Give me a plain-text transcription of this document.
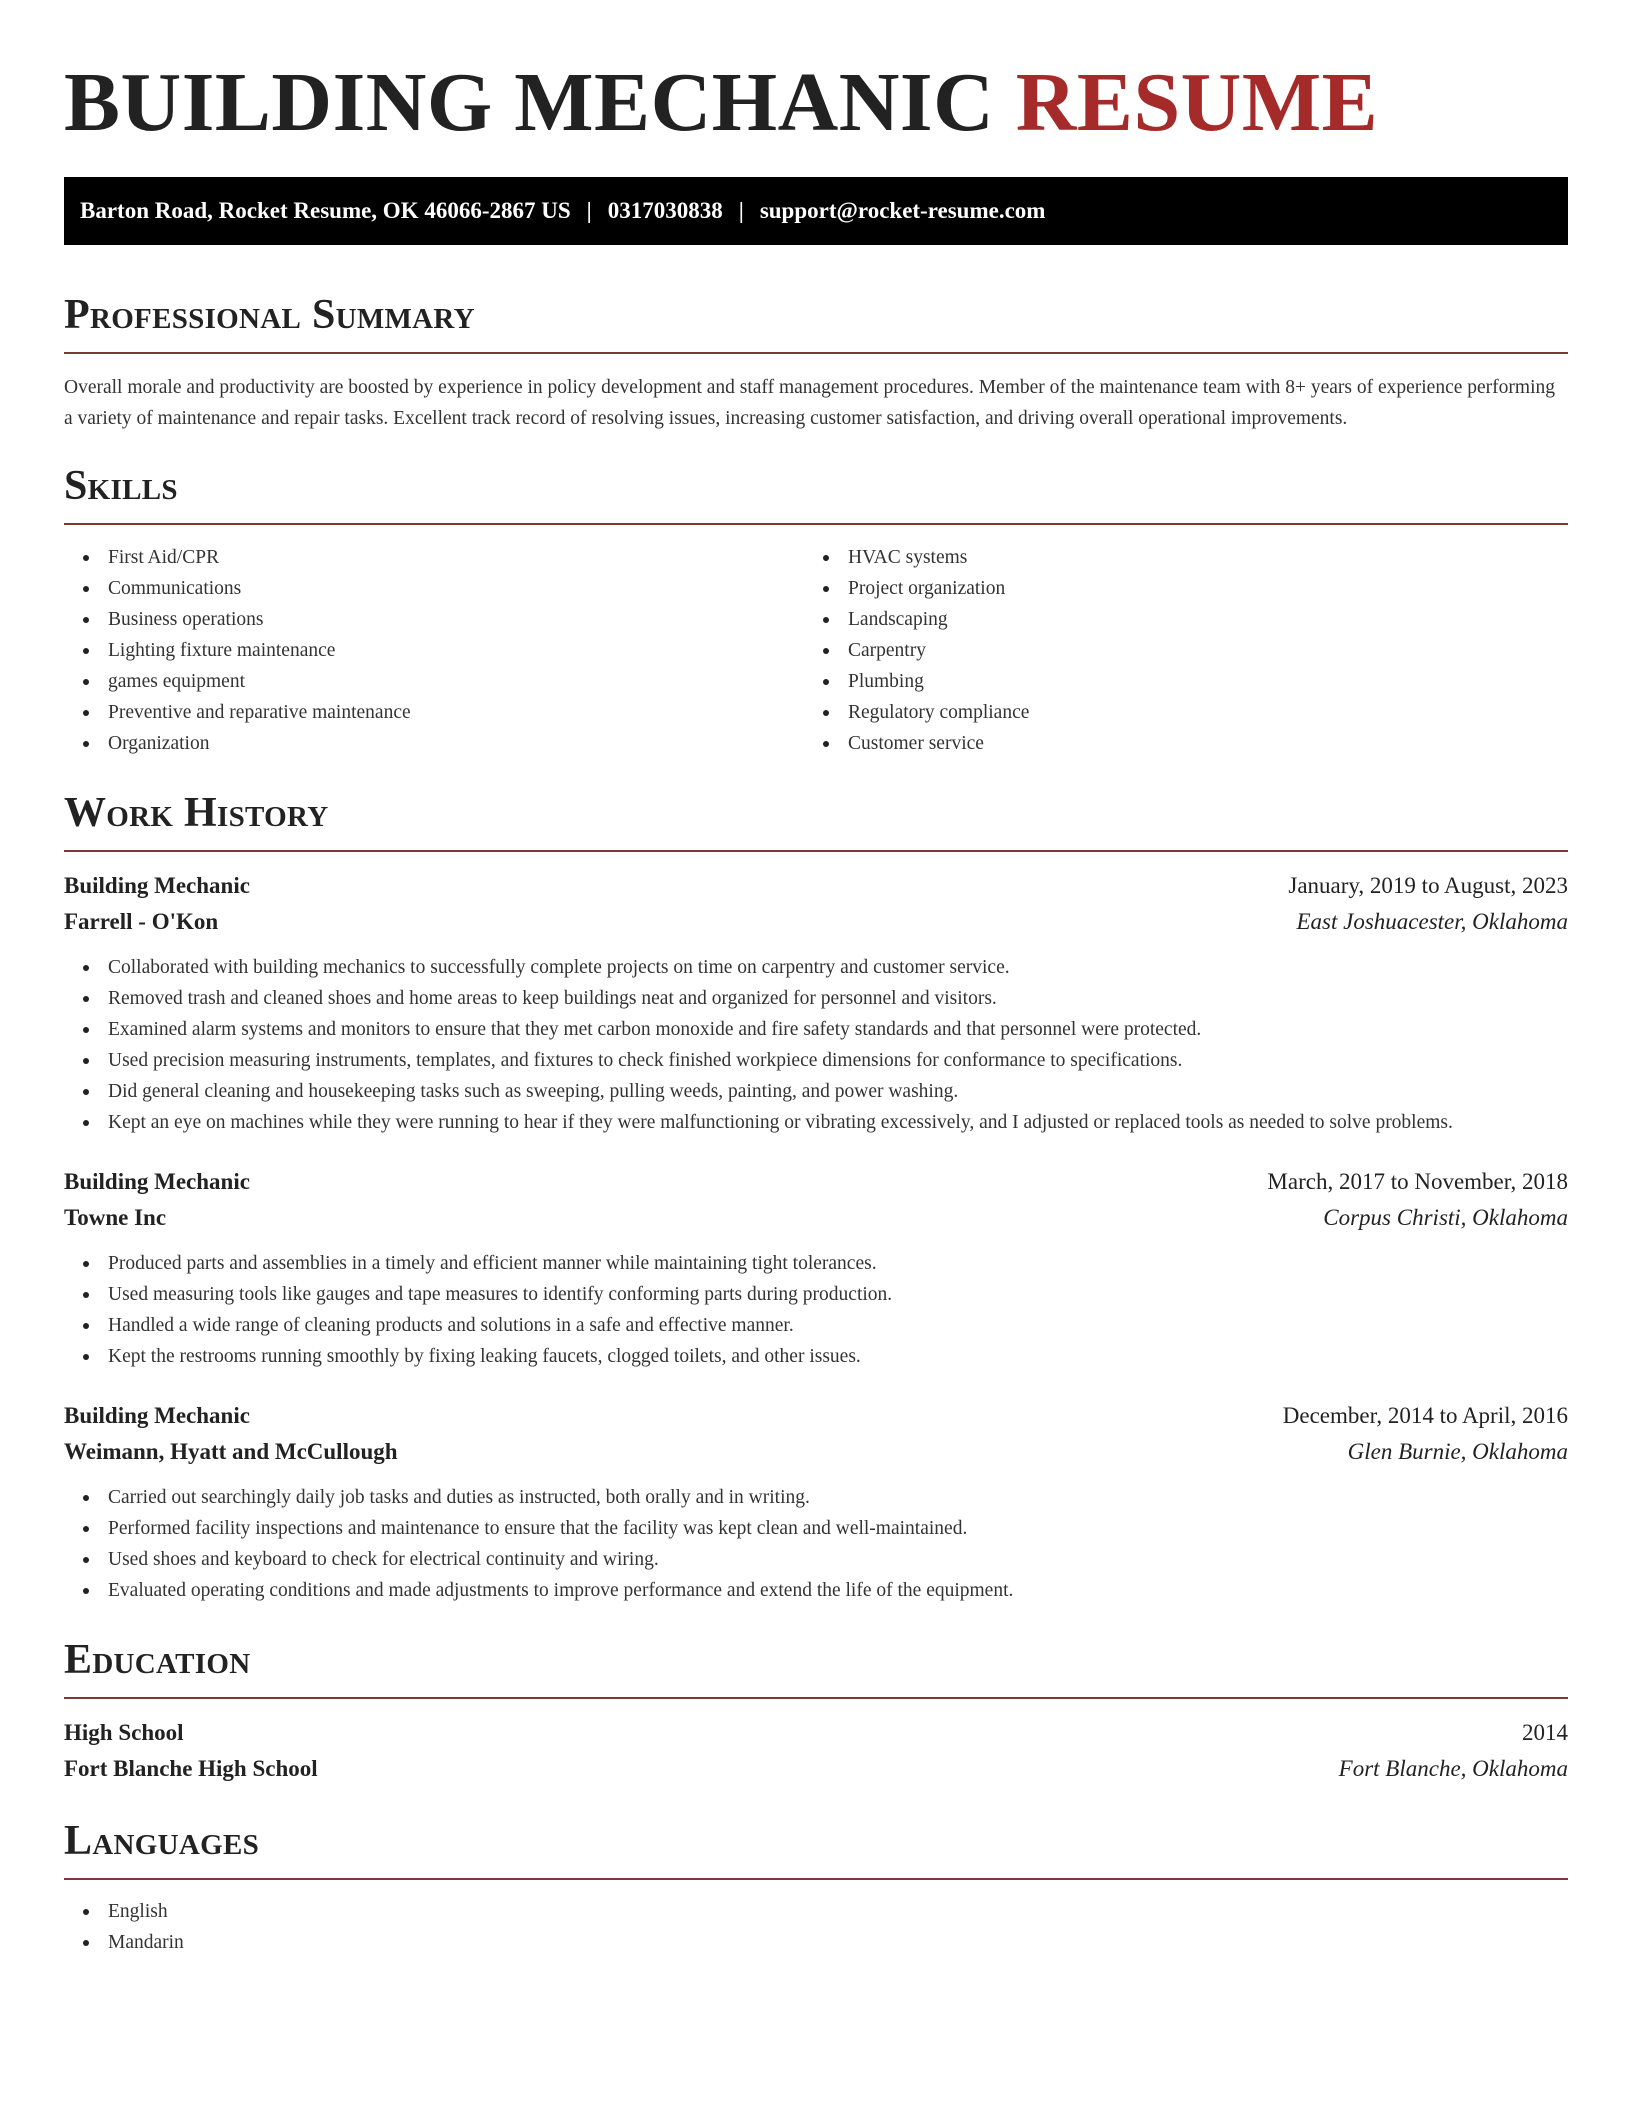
BUILDING MECHANIC RESUME
Barton Road, Rocket Resume, OK 46066-2867 US | 0317030838 | support@rocket-resume.com
Professional Summary

Overall morale and productivity are boosted by experience in policy development and staff management procedures. Member of the maintenance team with 8+ years of experience performing a variety of maintenance and repair tasks. Excellent track record of resolving issues, increasing customer satisfaction, and driving overall operational improvements.

Skills
First Aid/CPR
Communications
Business operations
Lighting fixture maintenance
games equipment
Preventive and reparative maintenance
Organization
HVAC systems
Project organization
Landscaping
Carpentry
Plumbing
Regulatory compliance
Customer service
Work History
Building Mechanic	January, 2019 to August, 2023
Farrell - O'Kon	East Joshuacester, Oklahoma
Collaborated with building mechanics to successfully complete projects on time on carpentry and customer service.
Removed trash and cleaned shoes and home areas to keep buildings neat and organized for personnel and visitors.
Examined alarm systems and monitors to ensure that they met carbon monoxide and fire safety standards and that personnel were protected.
Used precision measuring instruments, templates, and fixtures to check finished workpiece dimensions for conformance to specifications.
Did general cleaning and housekeeping tasks such as sweeping, pulling weeds, painting, and power washing.
Kept an eye on machines while they were running to hear if they were malfunctioning or vibrating excessively, and I adjusted or replaced tools as needed to solve problems.
Building Mechanic	March, 2017 to November, 2018
Towne Inc	Corpus Christi, Oklahoma
Produced parts and assemblies in a timely and efficient manner while maintaining tight tolerances.
Used measuring tools like gauges and tape measures to identify conforming parts during production.
Handled a wide range of cleaning products and solutions in a safe and effective manner.
Kept the restrooms running smoothly by fixing leaking faucets, clogged toilets, and other issues.
Building Mechanic	December, 2014 to April, 2016
Weimann, Hyatt and McCullough	Glen Burnie, Oklahoma
Carried out searchingly daily job tasks and duties as instructed, both orally and in writing.
Performed facility inspections and maintenance to ensure that the facility was kept clean and well-maintained.
Used shoes and keyboard to check for electrical continuity and wiring.
Evaluated operating conditions and made adjustments to improve performance and extend the life of the equipment.
Education
High School	2014
Fort Blanche High School	Fort Blanche, Oklahoma
Languages
English
Mandarin
